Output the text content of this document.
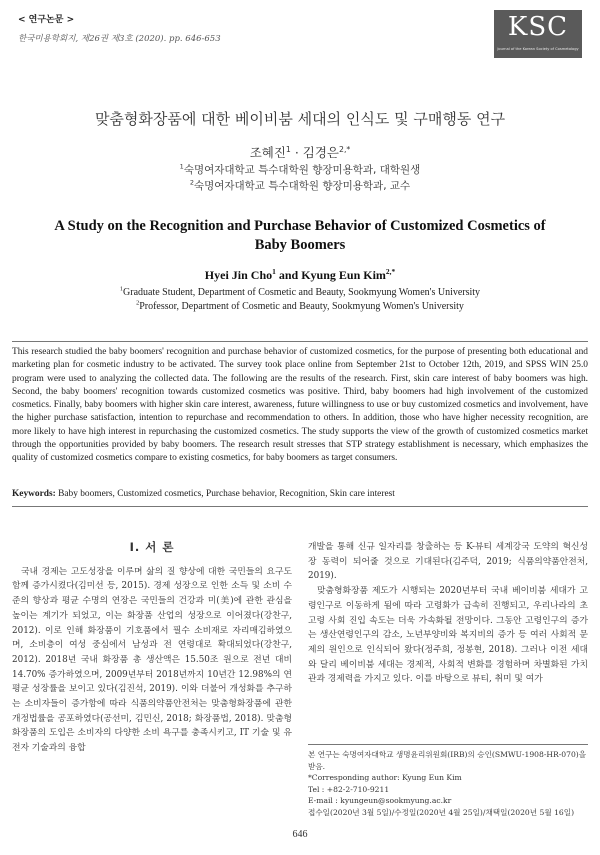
< 연구논문 >
한국미용학회지, 제26권 제3호 (2020). pp. 646-653	KSC
Journal of the Korean Society of Cosmetology
맞춤형화장품에 대한 베이비붐 세대의 인식도 및 구매행동 연구
조혜진$^1$ · 김경은$^{2,*}$
$^1$숙명여자대학교 특수대학원 향장미용학과, 대학원생
$^2$숙명여자대학교 특수대학원 향장미용학과, 교수
A Study on the Recognition and Purchase Behavior of Customized Cosmetics of Baby Boomers
Hyei Jin Cho$^1$ and Kyung Eun Kim$^{2,*}$
$^1$Graduate Student, Department of Cosmetic and Beauty, Sookmyung Women's University
$^2$Professor, Department of Cosmetic and Beauty, Sookmyung Women's University
This research studied the baby boomers' recognition and purchase behavior of customized cosmetics, for the purpose of presenting both educational and marketing plan for cosmetic industry to be activated. The survey took place online from September 21st to October 12th, 2019, and SPSS WIN 25.0 program were used to analyzing the collected data. The following are the results of the research. First, skin care interest of baby boomers was high. Second, the baby boomers' recognition towards customized cosmetics was positive. Third, baby boomers had high involvement of the customized cosmetics. Finally, baby boomers with higher skin care interest, awareness, future willingness to use or buy customized cosmetics and involvement, have the higher purchase satisfaction, intention to repurchase and recommendation to others. In addition, those who have higher necessity recognition, are more likely to have high interest in repurchasing the customized cosmetics. The study supports the view of the growth of customized cosmetics market through the opportunities provided by baby boomers. The research result stresses that STP strategy establishment is necessary, which emphasizes the quality of customized cosmetics compare to existing cosmetics, for baby boomers as target consumers.
Keywords: Baby boomers, Customized cosmetics, Purchase behavior, Recognition, Skin care interest
I. 서 론

국내 경제는 고도성장을 이루며 삶의 질 향상에 대한 국민들의 요구도 함께 증가시켰다(김미선 등, 2015). 경제 성장으로 인한 소득 및 소비 수준의 향상과 평균 수명의 연장은 국민들의 건강과 미(美)에 관한 관심을 높이는 계기가 되었고, 이는 화장품 산업의 성장으로 이어졌다(강찬구, 2012). 이로 인해 화장품이 기호품에서 필수 소비재로 자리매김하였으며, 소비층이 여성 중심에서 남성과 전 연령대로 확대되었다(강찬구, 2012). 2018년 국내 화장품 총 생산액은 15.50조 원으로 전년 대비 14.70% 증가하였으며, 2009년부터 2018년까지 10년간 12.98%의 연평균 성장률을 보이고 있다(김진석, 2019). 이와 더불어 개성화를 추구하는 소비자들이 증가함에 따라 식품의약품안전처는 맞춤형화장품에 관한 개정법률을 공포하였다(공선미, 김민신, 2018; 화장품법, 2018). 맞춤형화장품의 도입은 소비자의 다양한 소비 욕구를 충족시키고, IT 기술 및 유전자 기술과의 융합

개발을 통해 신규 일자리를 창출하는 등 K-뷰티 세계강국 도약의 혁신성장 동력이 되어줄 것으로 기대된다(김주덕, 2019; 식품의약품안전처, 2019).

맞춤형화장품 제도가 시행되는 2020년부터 국내 베이비붐 세대가 고령인구로 이동하게 됨에 따라 고령화가 급속히 진행되고, 우리나라의 초고령 사회 진입 속도는 더욱 가속화될 전망이다. 그동안 고령인구의 증가는 생산연령인구의 감소, 노년부양비와 복지비의 증가 등 여러 사회적 문제의 원인으로 인식되어 왔다(정주희, 정봉현, 2018). 그러나 이전 세대와 달리 베이비붐 세대는 경제적, 사회적 변화를 경험하며 차별화된 가치관과 경제력을 가지고 있다. 이를 바탕으로 뷰티, 취미 및 여가

본 연구는 숙명여자대학교 생명윤리위원회(IRB)의 승인(SMWU-1908-HR-070)을 받음.
*Corresponding author: Kyung Eun Kim
Tel : +82-2-710-9211
E-mail : kyungeun@sookmyung.ac.kr
접수일(2020년 3월 5일)/수정일(2020년 4월 25일)/채택일(2020년 5월 16일)
646
